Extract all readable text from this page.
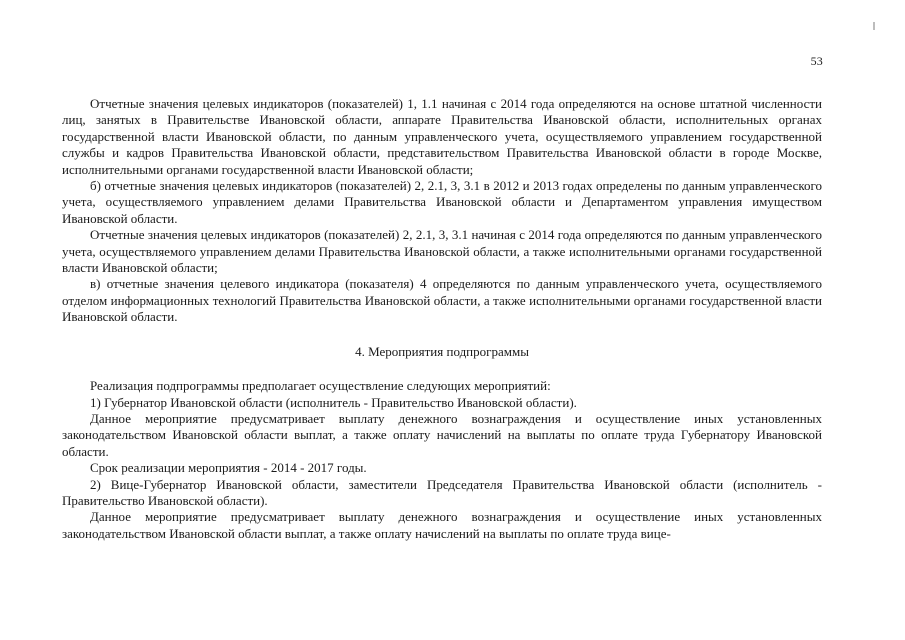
53

Отчетные значения целевых индикаторов (показателей) 1, 1.1 начиная с 2014 года определяются на основе штатной численности лиц, занятых в Правительстве Ивановской области, аппарате Правительства Ивановской области, исполнительных органах государственной власти Ивановской области, по данным управленческого учета, осуществляемого управлением государственной службы и кадров Правительства Ивановской области, представительством Правительства Ивановской области в городе Москве, исполнительными органами государственной власти Ивановской области;

б) отчетные значения целевых индикаторов (показателей) 2, 2.1, 3, 3.1 в 2012 и 2013 годах определены по данным управленческого учета, осуществляемого управлением делами Правительства Ивановской области и Департаментом управления имуществом Ивановской области.

Отчетные значения целевых индикаторов (показателей) 2, 2.1, 3, 3.1 начиная с 2014 года определяются по данным управленческого учета, осуществляемого управлением делами Правительства Ивановской области, а также исполнительными органами государственной власти Ивановской области;

в) отчетные значения целевого индикатора (показателя) 4 определяются по данным управленческого учета, осуществляемого отделом информационных технологий Правительства Ивановской области, а также исполнительными органами государственной власти Ивановской области.

4. Мероприятия подпрограммы

Реализация подпрограммы предполагает осуществление следующих мероприятий:

1) Губернатор Ивановской области (исполнитель - Правительство Ивановской области).

Данное мероприятие предусматривает выплату денежного вознаграждения и осуществление иных установленных законодательством Ивановской области выплат, а также оплату начислений на выплаты по оплате труда Губернатору Ивановской области.

Срок реализации мероприятия - 2014 - 2017 годы.

2) Вице-Губернатор Ивановской области, заместители Председателя Правительства Ивановской области (исполнитель - Правительство Ивановской области).

Данное мероприятие предусматривает выплату денежного вознаграждения и осуществление иных установленных законодательством Ивановской области выплат, а также оплату начислений на выплаты по оплате труда вице-
